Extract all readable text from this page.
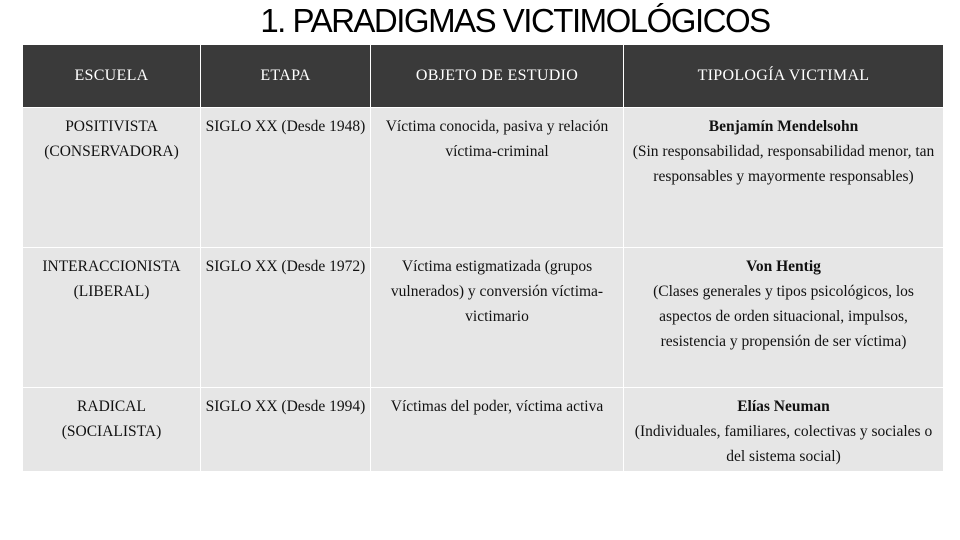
1. PARADIGMAS VICTIMOLÓGICOS
ESCUELA	ETAPA	OBJETO DE ESTUDIO	TIPOLOGÍA VICTIMAL
POSITIVISTA (CONSERVADORA)	SIGLO XX (Desde 1948)	Víctima conocida, pasiva y relación víctima-criminal	Benjamín Mendelsohn
(Sin responsabilidad, responsabilidad menor, tan responsables y mayormente responsables)
INTERACCIONISTA (LIBERAL)	SIGLO XX (Desde 1972)	Víctima estigmatizada (grupos vulnerados) y conversión víctima-victimario	Von Hentig
(Clases generales y tipos psicológicos, los aspectos de orden situacional, impulsos, resistencia y propensión de ser víctima)
RADICAL (SOCIALISTA)	SIGLO XX (Desde 1994)	Víctimas del poder, víctima activa	Elías Neuman
(Individuales, familiares, colectivas y sociales o del sistema social)
